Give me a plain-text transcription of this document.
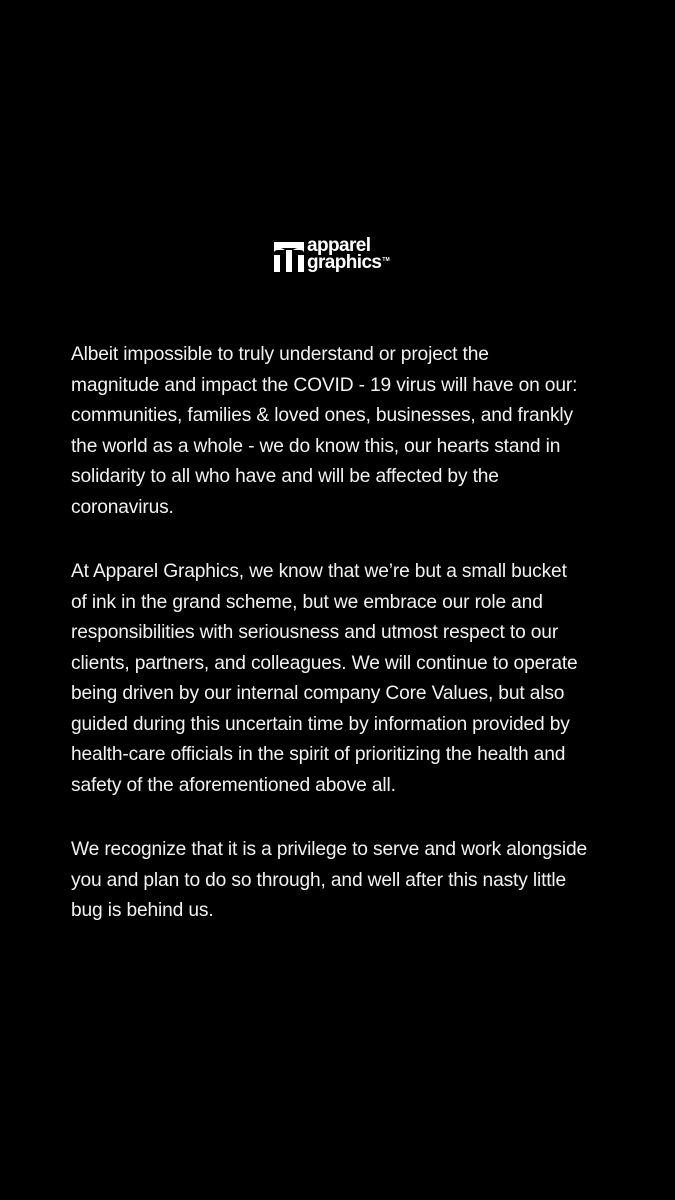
apparel
graphics TM

Albeit impossible to truly understand or project the
magnitude and impact the COVID - 19 virus will have on our:
communities, families & loved ones, businesses, and frankly
the world as a whole - we do know this, our hearts stand in
solidarity to all who have and will be affected by the
coronavirus.

At Apparel Graphics, we know that we’re but a small bucket
of ink in the grand scheme, but we embrace our role and
responsibilities with seriousness and utmost respect to our
clients, partners, and colleagues. We will continue to operate
being driven by our internal company Core Values, but also
guided during this uncertain time by information provided by
health-care officials in the spirit of prioritizing the health and
safety of the aforementioned above all.

We recognize that it is a privilege to serve and work alongside
you and plan to do so through, and well after this nasty little
bug is behind us.
